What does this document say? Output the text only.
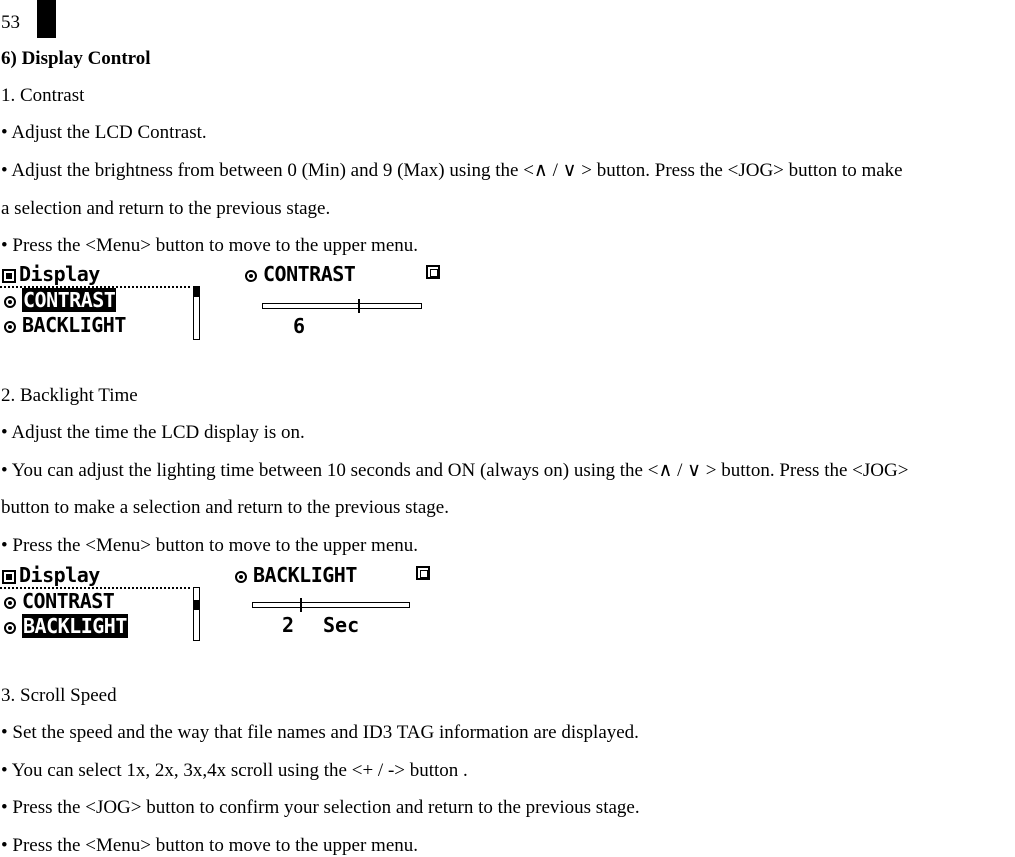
53
6) Display Control
1. Contrast
• Adjust the LCD Contrast.
• Adjust the brightness from between 0 (Min) and 9 (Max) using the <∧ / ∨ > button. Press the <JOG> button to make
a selection and return to the previous stage.
• Press the <Menu> button to move to the upper menu.
Display
CONTRAST
BACKLIGHT
CONTRAST
6
2. Backlight Time
• Adjust the time the LCD display is on.
• You can adjust the lighting time between 10 seconds and ON (always on) using the <∧ / ∨ > button. Press the <JOG>
button to make a selection and return to the previous stage.
• Press the <Menu> button to move to the upper menu.
Display
CONTRAST
BACKLIGHT
BACKLIGHT
2 Sec
3. Scroll Speed
• Set the speed and the way that file names and ID3 TAG information are displayed.
• You can select 1x, 2x, 3x,4x scroll using the <+ / -> button .
• Press the <JOG> button to confirm your selection and return to the previous stage.
• Press the <Menu> button to move to the upper menu.
